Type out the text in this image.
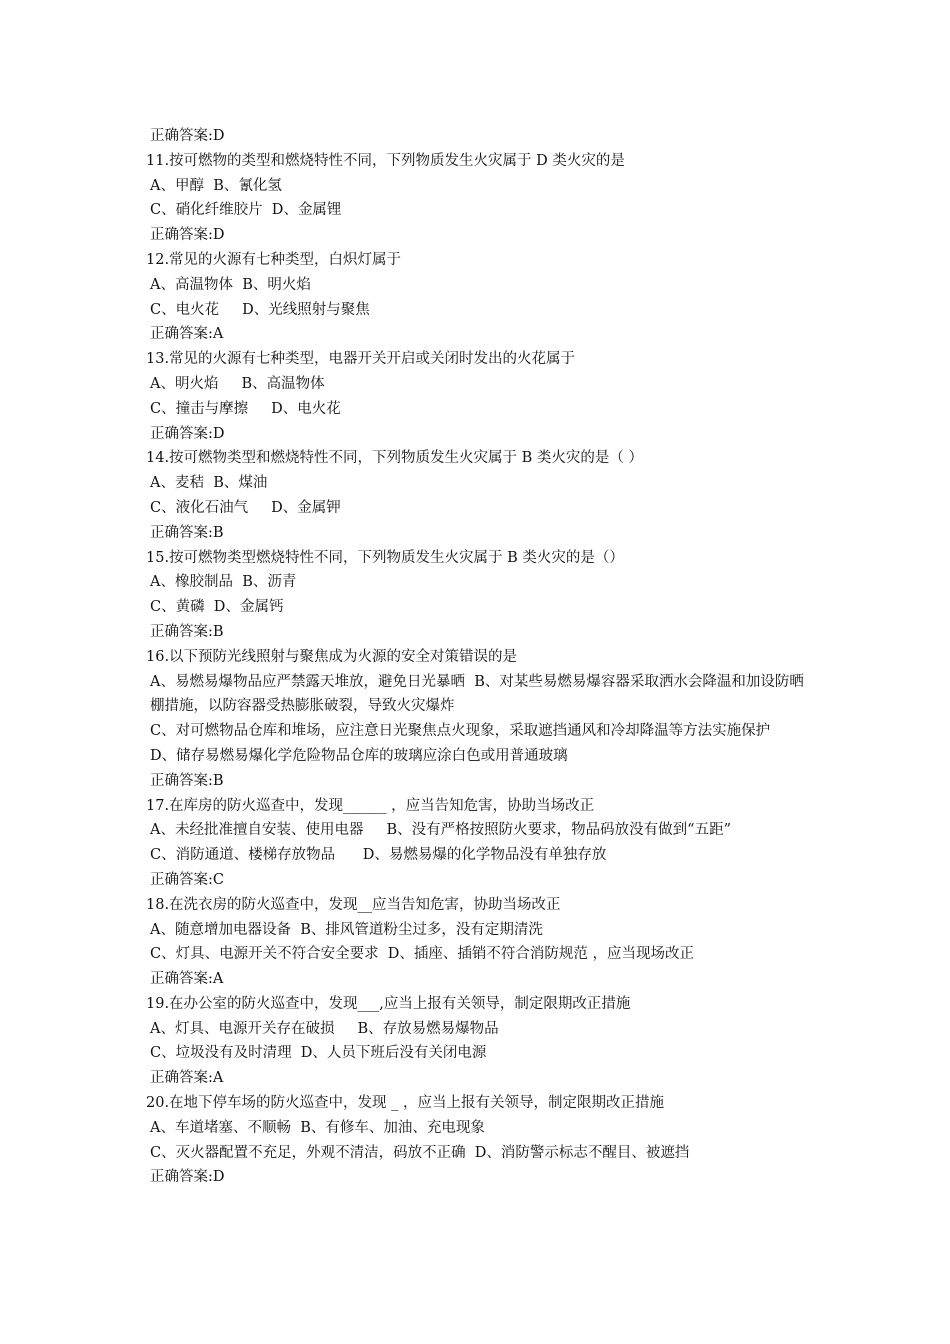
正确答案:D

11.按可燃物的类型和燃烧特性不同，下列物质发生火灾属于 D 类火灾的是

A、甲醇  B、氰化氢

C、硝化纤维胶片  D、金属锂

正确答案:D

12.常见的火源有七种类型，白炽灯属于

A、高温物体  B、明火焰

C、电火花     D、光线照射与聚焦

正确答案:A

13.常见的火源有七种类型，电器开关开启或关闭时发出的火花属于

A、明火焰     B、高温物体

C、撞击与摩擦     D、电火花

正确答案:D

14.按可燃物类型和燃烧特性不同，下列物质发生火灾属于 B 类火灾的是（ ）

A、麦秸  B、煤油

C、液化石油气     D、金属钾

正确答案:B

15.按可燃物类型燃烧特性不同，下列物质发生火灾属于 B 类火灾的是（）

A、橡胶制品  B、沥青

C、黄磷  D、金属钙

正确答案:B

16.以下预防光线照射与聚焦成为火源的安全对策错误的是

A、易燃易爆物品应严禁露天堆放，避免日光暴晒  B、对某些易燃易爆容器采取洒水会降温和加设防晒棚措施，以防容器受热膨胀破裂，导致火灾爆炸

C、对可燃物品仓库和堆场，应注意日光聚焦点火现象，采取遮挡通风和冷却降温等方法实施保护     D、储存易燃易爆化学危险物品仓库的玻璃应涂白色或用普通玻璃

正确答案:B

17.在库房的防火巡查中，发现______ ，应当告知危害，协助当场改正

A、未经批准擅自安装、使用电器     B、没有严格按照防火要求，物品码放没有做到“五距”

C、消防通道、楼梯存放物品      D、易燃易爆的化学物品没有单独存放

正确答案:C

18.在洗衣房的防火巡查中，发现__应当告知危害，协助当场改正

A、随意增加电器设备  B、排风管道粉尘过多，没有定期清洗

C、灯具、电源开关不符合安全要求  D、插座、插销不符合消防规范 ，应当现场改正

正确答案:A

19.在办公室的防火巡查中，发现___,应当上报有关领导，制定限期改正措施

A、灯具、电源开关存在破损     B、存放易燃易爆物品

C、垃圾没有及时清理  D、人员下班后没有关闭电源

正确答案:A

20.在地下停车场的防火巡查中，发现 _ ，应当上报有关领导，制定限期改正措施

A、车道堵塞、不顺畅  B、有修车、加油、充电现象

C、灭火器配置不充足，外观不清洁，码放不正确  D、消防警示标志不醒目、被遮挡

正确答案:D
